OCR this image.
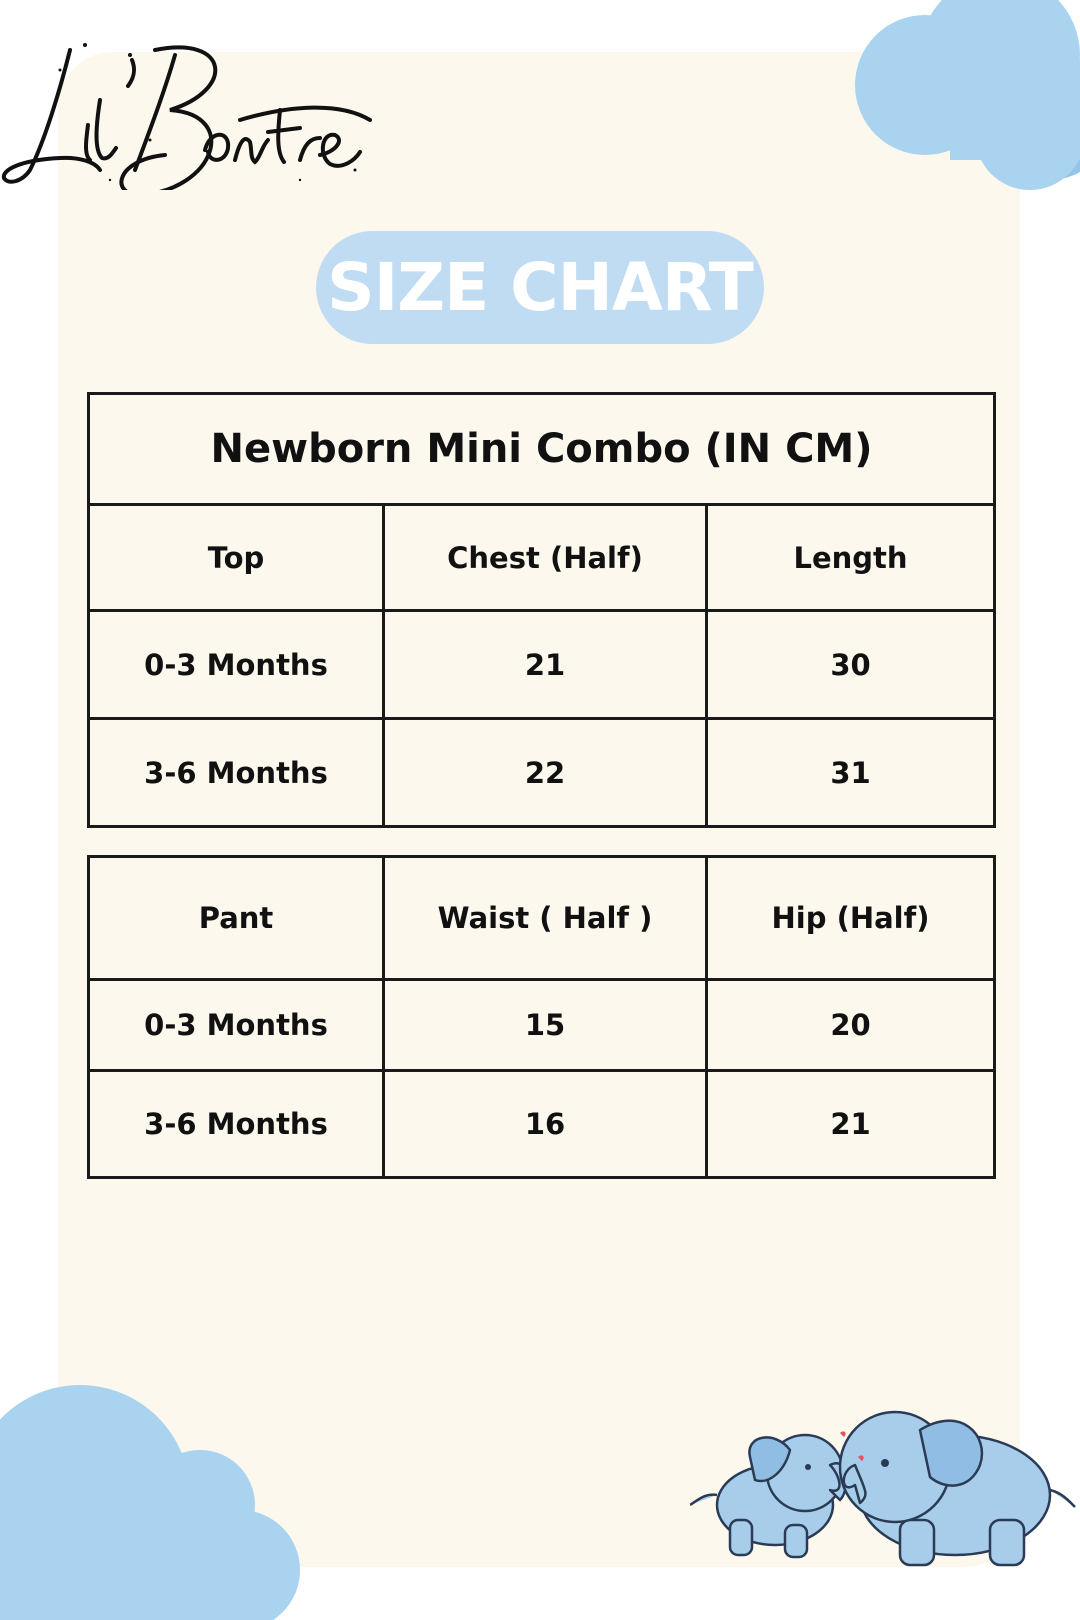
SIZE CHART
Newborn Mini Combo (IN CM)		
Top	Chest (Half)	Length
0-3 Months	21	30
3-6 Months	22	31
Pant	Waist ( Half )	Hip (Half)
0-3 Months	15	20
3-6 Months	16	21
